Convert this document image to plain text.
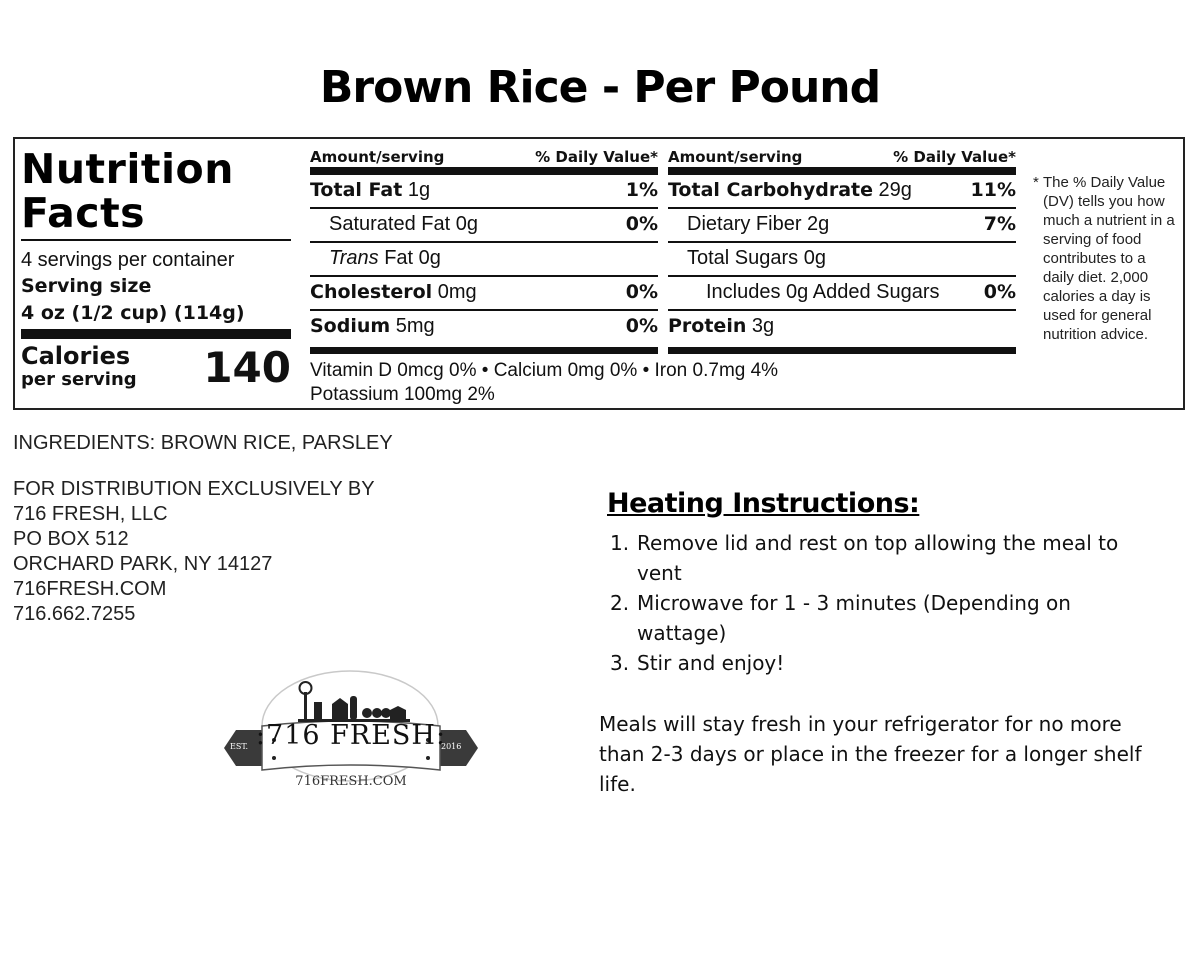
Brown Rice - Per Pound
Nutrition
Facts
4 servings per container
Serving size
4 oz (1/2 cup) (114g)
Calories
per serving 140
Amount/serving	% Daily Value*
Total Fat 1g	1%
Saturated Fat 0g	0%
Trans Fat 0g
Cholesterol 0mg	0%
Sodium 5mg	0%
Amount/serving	% Daily Value*
Total Carbohydrate 29g	11%
Dietary Fiber 2g	7%
Total Sugars 0g
Includes 0g Added Sugars 0%
Protein 3g
Vitamin D 0mcg 0% • Calcium 0mg 0% • Iron 0.7mg 4%
Potassium 100mg 2%
* The % Daily Value (DV) tells you how much a nutrient in a serving of food contributes to a daily diet. 2,000 calories a day is used for general nutrition advice.
INGREDIENTS: BROWN RICE, PARSLEY
FOR DISTRIBUTION EXCLUSIVELY BY
716 FRESH, LLC
PO BOX 512
ORCHARD PARK, NY 14127
716FRESH.COM
716.662.7255
:716 FRESH:
EST.	2016
716FRESH.COM
Heating Instructions:
1. Remove lid and rest on top allowing the meal to vent
2. Microwave for 1 - 3 minutes (Depending on wattage)
3. Stir and enjoy!
Meals will stay fresh in your refrigerator for no more than 2-3 days or place in the freezer for a longer shelf life.
